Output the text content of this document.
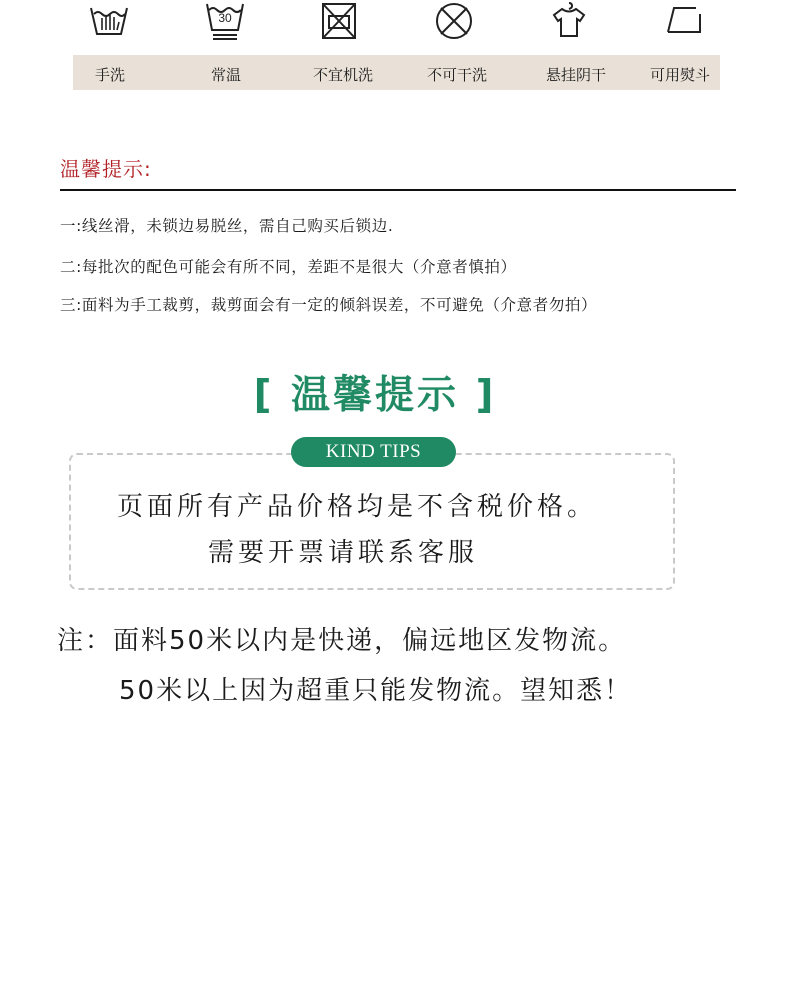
30
手洗	常温	不宜机洗	不可干洗	悬挂阴干	可用熨斗
温馨提示:
一:线丝滑，未锁边易脱丝，需自己购买后锁边.
二:每批次的配色可能会有所不同，差距不是很大（介意者慎拍）
三:面料为手工裁剪，裁剪面会有一定的倾斜误差，不可避免（介意者勿拍）
[ 温馨提示 ]
KIND TIPS
页面所有产品价格均是不含税价格。
需要开票请联系客服
注：面料50米以内是快递，偏远地区发物流。
50米以上因为超重只能发物流。望知悉！
